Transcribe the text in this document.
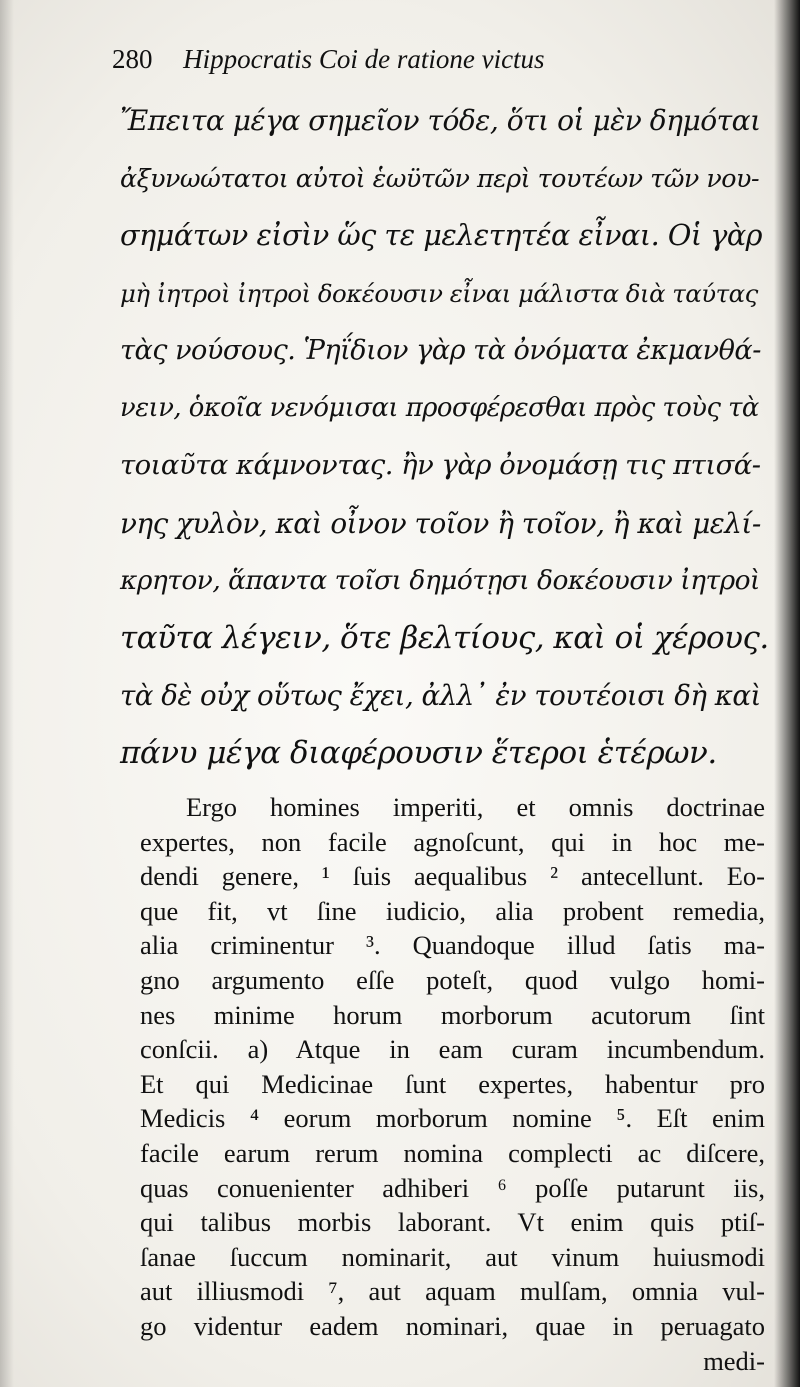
280 Hippocratis Coi de ratione victus
Ἔπειτα μέγα σημεῖον τόδε, ὅτι οἱ μὲν δημόται
ἀξυνωώτατοι αὐτοὶ ἑωϋτῶν περὶ τουτέων τῶν νου-
σημάτων εἰσὶν ὥς τε μελετητέα εἶναι. Οἱ γὰρ
μὴ ἰητροὶ ἰητροὶ δοκέουσιν εἶναι μάλιστα διὰ ταύτας
τὰς νούσους. Ῥηΐδιον γὰρ τὰ ὀνόματα ἐκμανθά-
νειν, ὁκοῖα νενόμισαι προσφέρεσθαι πρὸς τοὺς τὰ
τοιαῦτα κάμνοντας. ἢν γὰρ ὀνομάσῃ τις πτισά-
νης χυλὸν, καὶ οἶνον τοῖον ἢ τοῖον, ἢ καὶ μελί-
κρητον, ἅπαντα τοῖσι δημότῃσι δοκέουσιν ἰητροὶ
ταῦτα λέγειν, ὅτε βελτίους, καὶ οἱ χέρους.
τὰ δὲ οὐχ οὕτως ἔχει, ἀλλ᾽ ἐν τουτέοισι δὴ καὶ
πάνυ μέγα διαφέρουσιν ἕτεροι ἑτέρων.
Ergo homines imperiti, et omnis doctrinae
expertes, non facile agnoſcunt, qui in hoc me-
dendi genere, ¹ ſuis aequalibus ² antecellunt. Eo-
que fit, vt ſine iudicio, alia probent remedia,
alia criminentur ³. Quandoque illud ſatis ma-
gno argumento eſſe poteſt, quod vulgo homi-
nes minime horum morborum acutorum ſint
conſcii. a) Atque in eam curam incumbendum.
Et qui Medicinae ſunt expertes, habentur pro
Medicis ⁴ eorum morborum nomine ⁵. Eſt enim
facile earum rerum nomina complecti ac diſcere,
quas conuenienter adhiberi ⁶ poſſe putarunt iis,
qui talibus morbis laborant. Vt enim quis ptiſ-
ſanae ſuccum nominarit, aut vinum huiusmodi
aut illiusmodi ⁷, aut aquam mulſam, omnia vul-
go videntur eadem nominari, quae in peruagato
medi-
